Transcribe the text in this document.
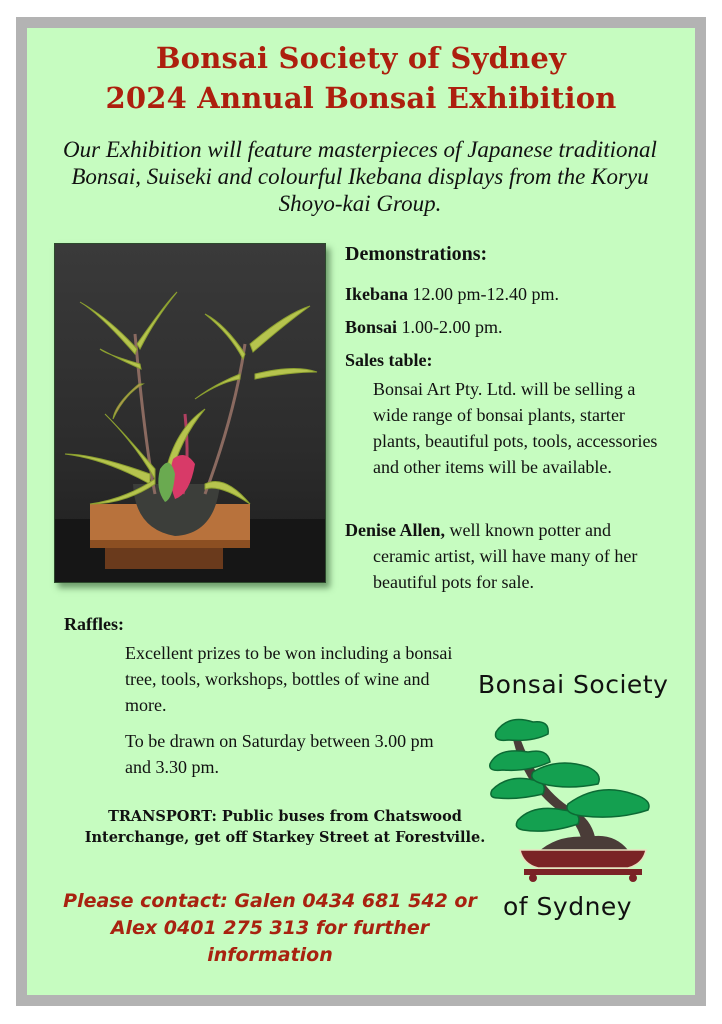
Bonsai Society of Sydney
2024 Annual Bonsai Exhibition
Our Exhibition will feature masterpieces of Japanese traditional Bonsai, Suiseki and colourful Ikebana displays from the Koryu Shoyo-kai Group.
Demonstrations:
Ikebana 12.00 pm-12.40 pm.
Bonsai 1.00-2.00 pm.
Sales table:
Bonsai Art Pty. Ltd. will be selling a wide range of bonsai plants, starter plants, beautiful pots, tools, accessories and other items will be available.
Denise Allen, well known potter and
ceramic artist, will have many of her beautiful pots for sale.
Raffles:
Excellent prizes to be won including a bonsai tree, tools, workshops, bottles of wine and more.
To be drawn on Saturday between 3.00 pm and 3.30 pm.
TRANSPORT: Public buses from Chatswood
Interchange, get off Starkey Street at Forestville.
Please contact: Galen 0434 681 542 or Alex 0401 275 313 for further information
Bonsai Society
of Sydney
